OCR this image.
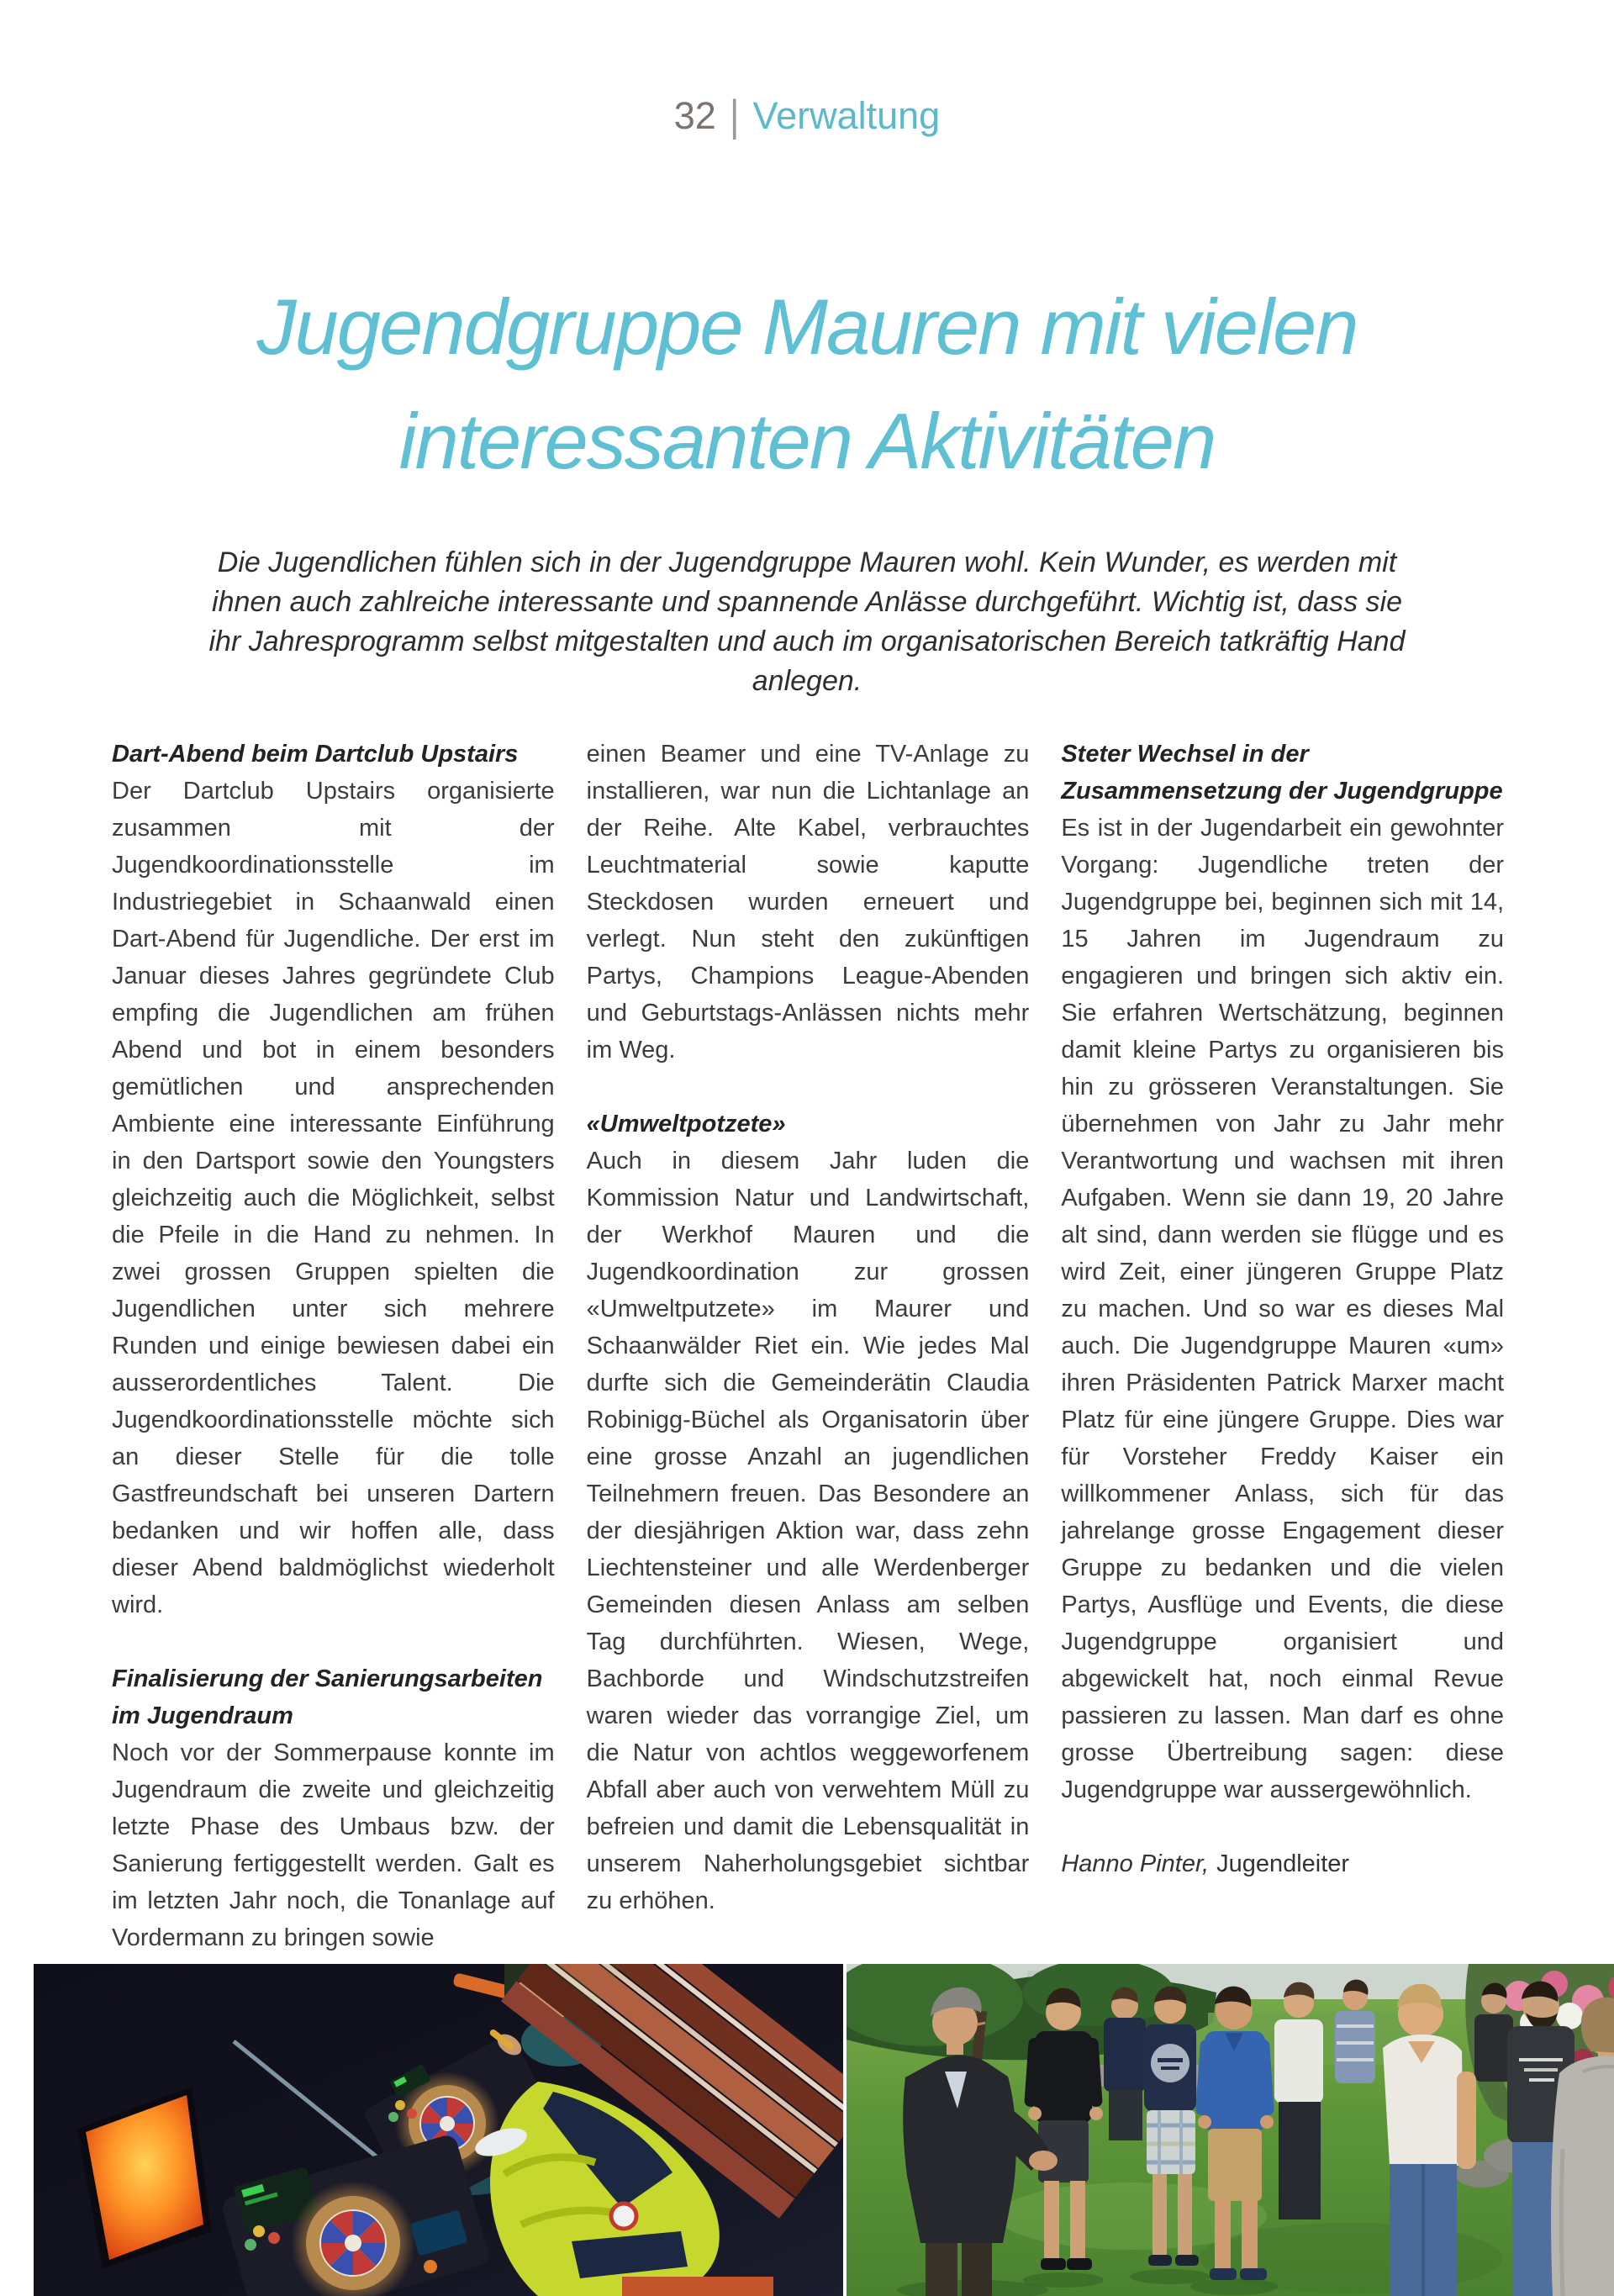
32 | Verwaltung
Jugendgruppe Mauren mit vielen
interessanten Aktivitäten

Die Jugendlichen fühlen sich in der Jugendgruppe Mauren wohl. Kein Wunder, es werden mit ihnen auch zahlreiche interessante und spannende Anlässe durchgeführt. Wichtig ist, dass sie ihr Jahresprogramm selbst mitgestalten und auch im organisatorischen Bereich tatkräftig Hand anlegen.

Dart-Abend beim Dartclub Upstairs

Der Dartclub Upstairs organisierte zusammen mit der Jugendkoordinationsstelle im Industriegebiet in Schaanwald einen Dart-Abend für Jugendliche. Der erst im Januar dieses Jahres gegründete Club empfing die Jugendlichen am frühen Abend und bot in einem besonders gemütlichen und ansprechenden Ambiente eine interessante Einführung in den Dartsport sowie den Youngsters gleichzeitig auch die Möglichkeit, selbst die Pfeile in die Hand zu nehmen. In zwei grossen Gruppen spielten die Jugendlichen unter sich mehrere Runden und einige bewiesen dabei ein ausserordentliches Talent. Die Jugendkoordinationsstelle möchte sich an dieser Stelle für die tolle Gastfreundschaft bei unseren Dartern bedanken und wir hoffen alle, dass dieser Abend baldmöglichst wiederholt wird.

Finalisierung der Sanierungsarbeiten im Jugendraum

Noch vor der Sommerpause konnte im Jugendraum die zweite und gleichzeitig letzte Phase des Umbaus bzw. der Sanierung fertiggestellt werden. Galt es im letzten Jahr noch, die Tonanlage auf Vordermann zu bringen sowie

einen Beamer und eine TV-Anlage zu installieren, war nun die Lichtanlage an der Reihe. Alte Kabel, verbrauchtes Leuchtmaterial sowie kaputte Steckdosen wurden erneuert und verlegt. Nun steht den zukünftigen Partys, Champions League-Abenden und Geburtstags-Anlässen nichts mehr im Weg.

«Umweltpotzete»

Auch in diesem Jahr luden die Kommission Natur und Landwirtschaft, der Werkhof Mauren und die Jugendkoordination zur grossen «Umweltputzete» im Maurer und Schaanwälder Riet ein. Wie jedes Mal durfte sich die Gemeinderätin Claudia Robinigg-Büchel als Organisatorin über eine grosse Anzahl an jugendlichen Teilnehmern freuen. Das Besondere an der diesjährigen Aktion war, dass zehn Liechtensteiner und alle Werdenberger Gemeinden diesen Anlass am selben Tag durchführten. Wiesen, Wege, Bachborde und Windschutzstreifen waren wieder das vorrangige Ziel, um die Natur von achtlos weggeworfenem Abfall aber auch von verwehtem Müll zu befreien und damit die Lebensqualität in unserem Naherholungsgebiet sichtbar zu erhöhen.

Steter Wechsel in der Zusammensetzung der Jugendgruppe

Es ist in der Jugendarbeit ein gewohnter Vorgang: Jugendliche treten der Jugendgruppe bei, beginnen sich mit 14, 15 Jahren im Jugendraum zu engagieren und bringen sich aktiv ein. Sie erfahren Wertschätzung, beginnen damit kleine Partys zu organisieren bis hin zu grösseren Veranstaltungen. Sie übernehmen von Jahr zu Jahr mehr Verantwortung und wachsen mit ihren Aufgaben. Wenn sie dann 19, 20 Jahre alt sind, dann werden sie flügge und es wird Zeit, einer jüngeren Gruppe Platz zu machen. Und so war es dieses Mal auch. Die Jugendgruppe Mauren «um» ihren Präsidenten Patrick Marxer macht Platz für eine jüngere Gruppe. Dies war für Vorsteher Freddy Kaiser ein willkommener Anlass, sich für das jahrelange grosse Engagement dieser Gruppe zu bedanken und die vielen Partys, Ausflüge und Events, die diese Jugendgruppe organisiert und abgewickelt hat, noch einmal Revue passieren zu lassen. Man darf es ohne grosse Übertreibung sagen: diese Jugendgruppe war aussergewöhnlich.

Hanno Pinter, Jugendleiter
